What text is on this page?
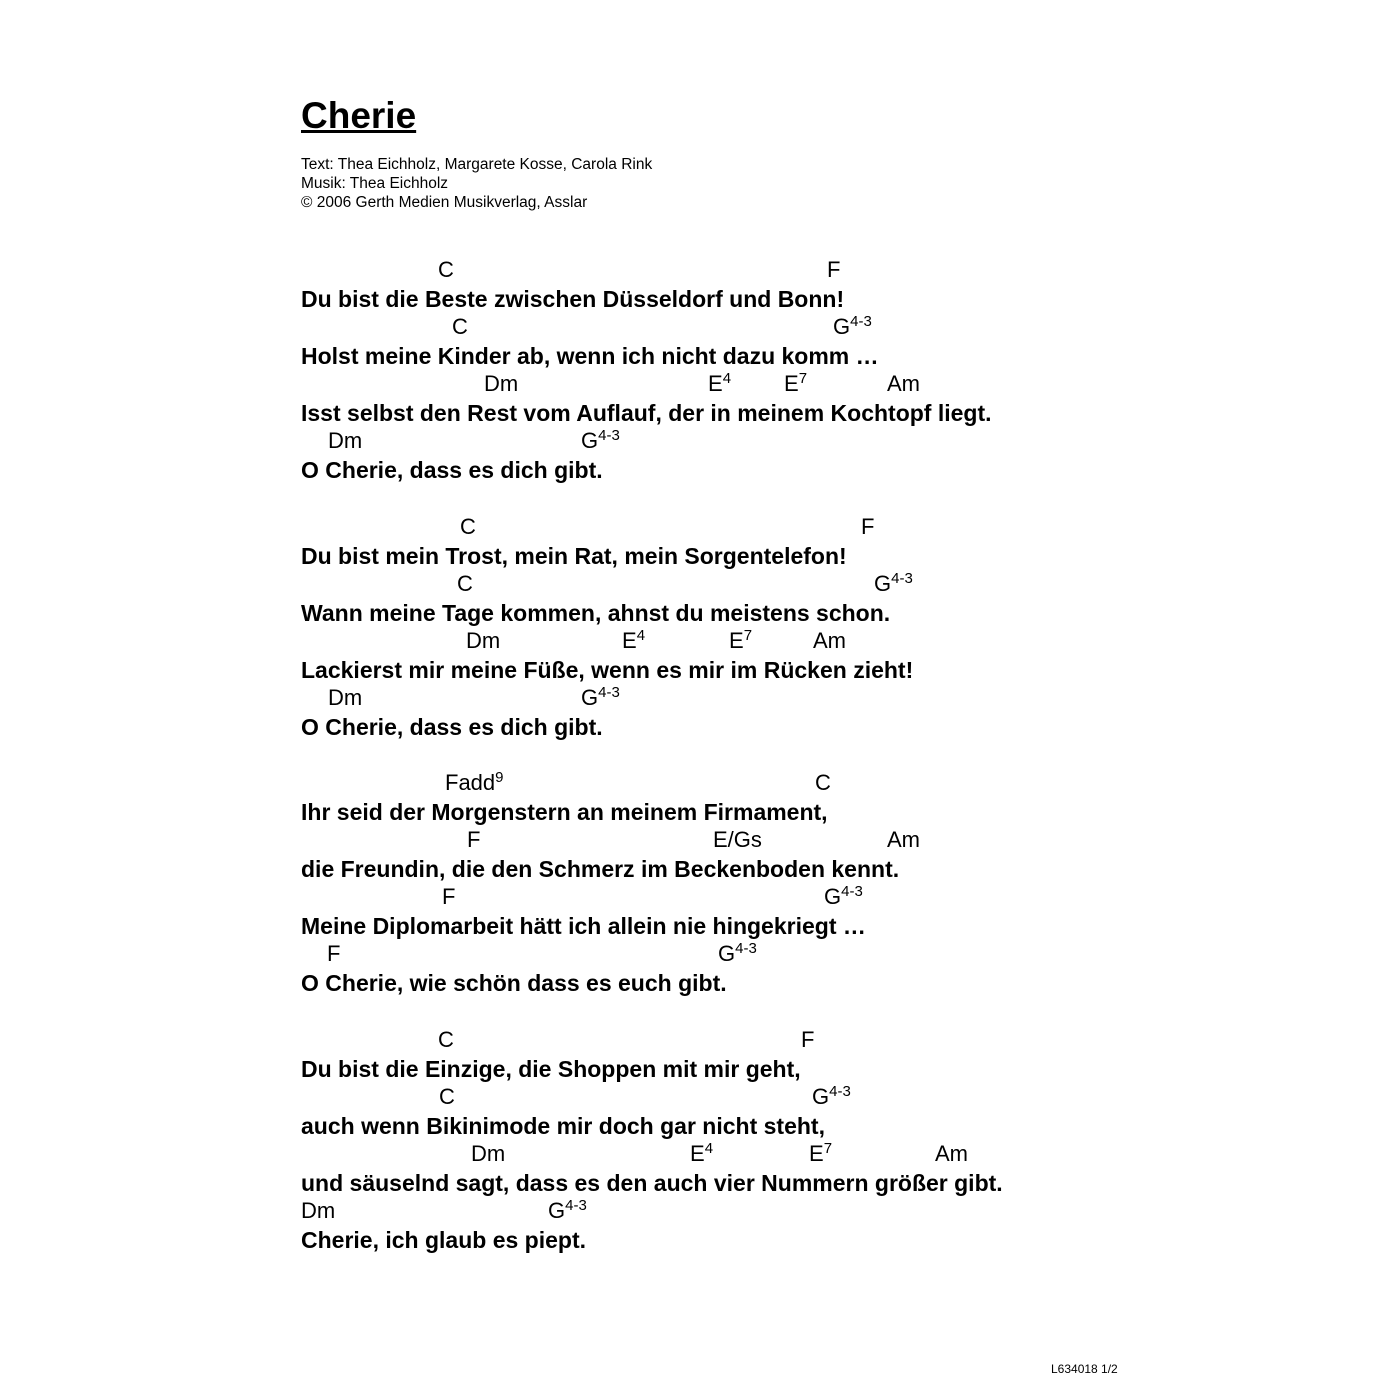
Cherie
Text: Thea Eichholz, Margarete Kosse, Carola Rink
Musik: Thea Eichholz
© 2006 Gerth Medien Musikverlag, Asslar
C	F
Du bist die Beste zwischen Düsseldorf und Bonn!
C	$G^{4-3}$
Holst meine Kinder ab, wenn ich nicht dazu komm …
Dm	$E^4$ $E^7$	Am
Isst selbst den Rest vom Auflauf, der in meinem Kochtopf liegt.
Dm	$G^{4-3}$
O Cherie, dass es dich gibt.
C	F
Du bist mein Trost, mein Rat, mein Sorgentelefon!
C	$G^{4-3}$
Wann meine Tage kommen, ahnst du meistens schon.
Dm	$E^4$	$E^7$	Am
Lackierst mir meine Füße, wenn es mir im Rücken zieht!
Dm	$G^{4-3}$
O Cherie, dass es dich gibt.
Fadd$^9$	C
Ihr seid der Morgenstern an meinem Firmament,
F	E/Gs	Am
die Freundin, die den Schmerz im Beckenboden kennt.
F	$G^{4-3}$
Meine Diplomarbeit hätt ich allein nie hingekriegt …
F	$G^{4-3}$
O Cherie, wie schön dass es euch gibt.
C	F
Du bist die Einzige, die Shoppen mit mir geht,
C	$G^{4-3}$
auch wenn Bikinimode mir doch gar nicht steht,
Dm	$E^4$	$E^7$	Am
und säuselnd sagt, dass es den auch vier Nummern größer gibt.
Dm	$G^{4-3}$
Cherie, ich glaub es piept.
L634018 1/2
